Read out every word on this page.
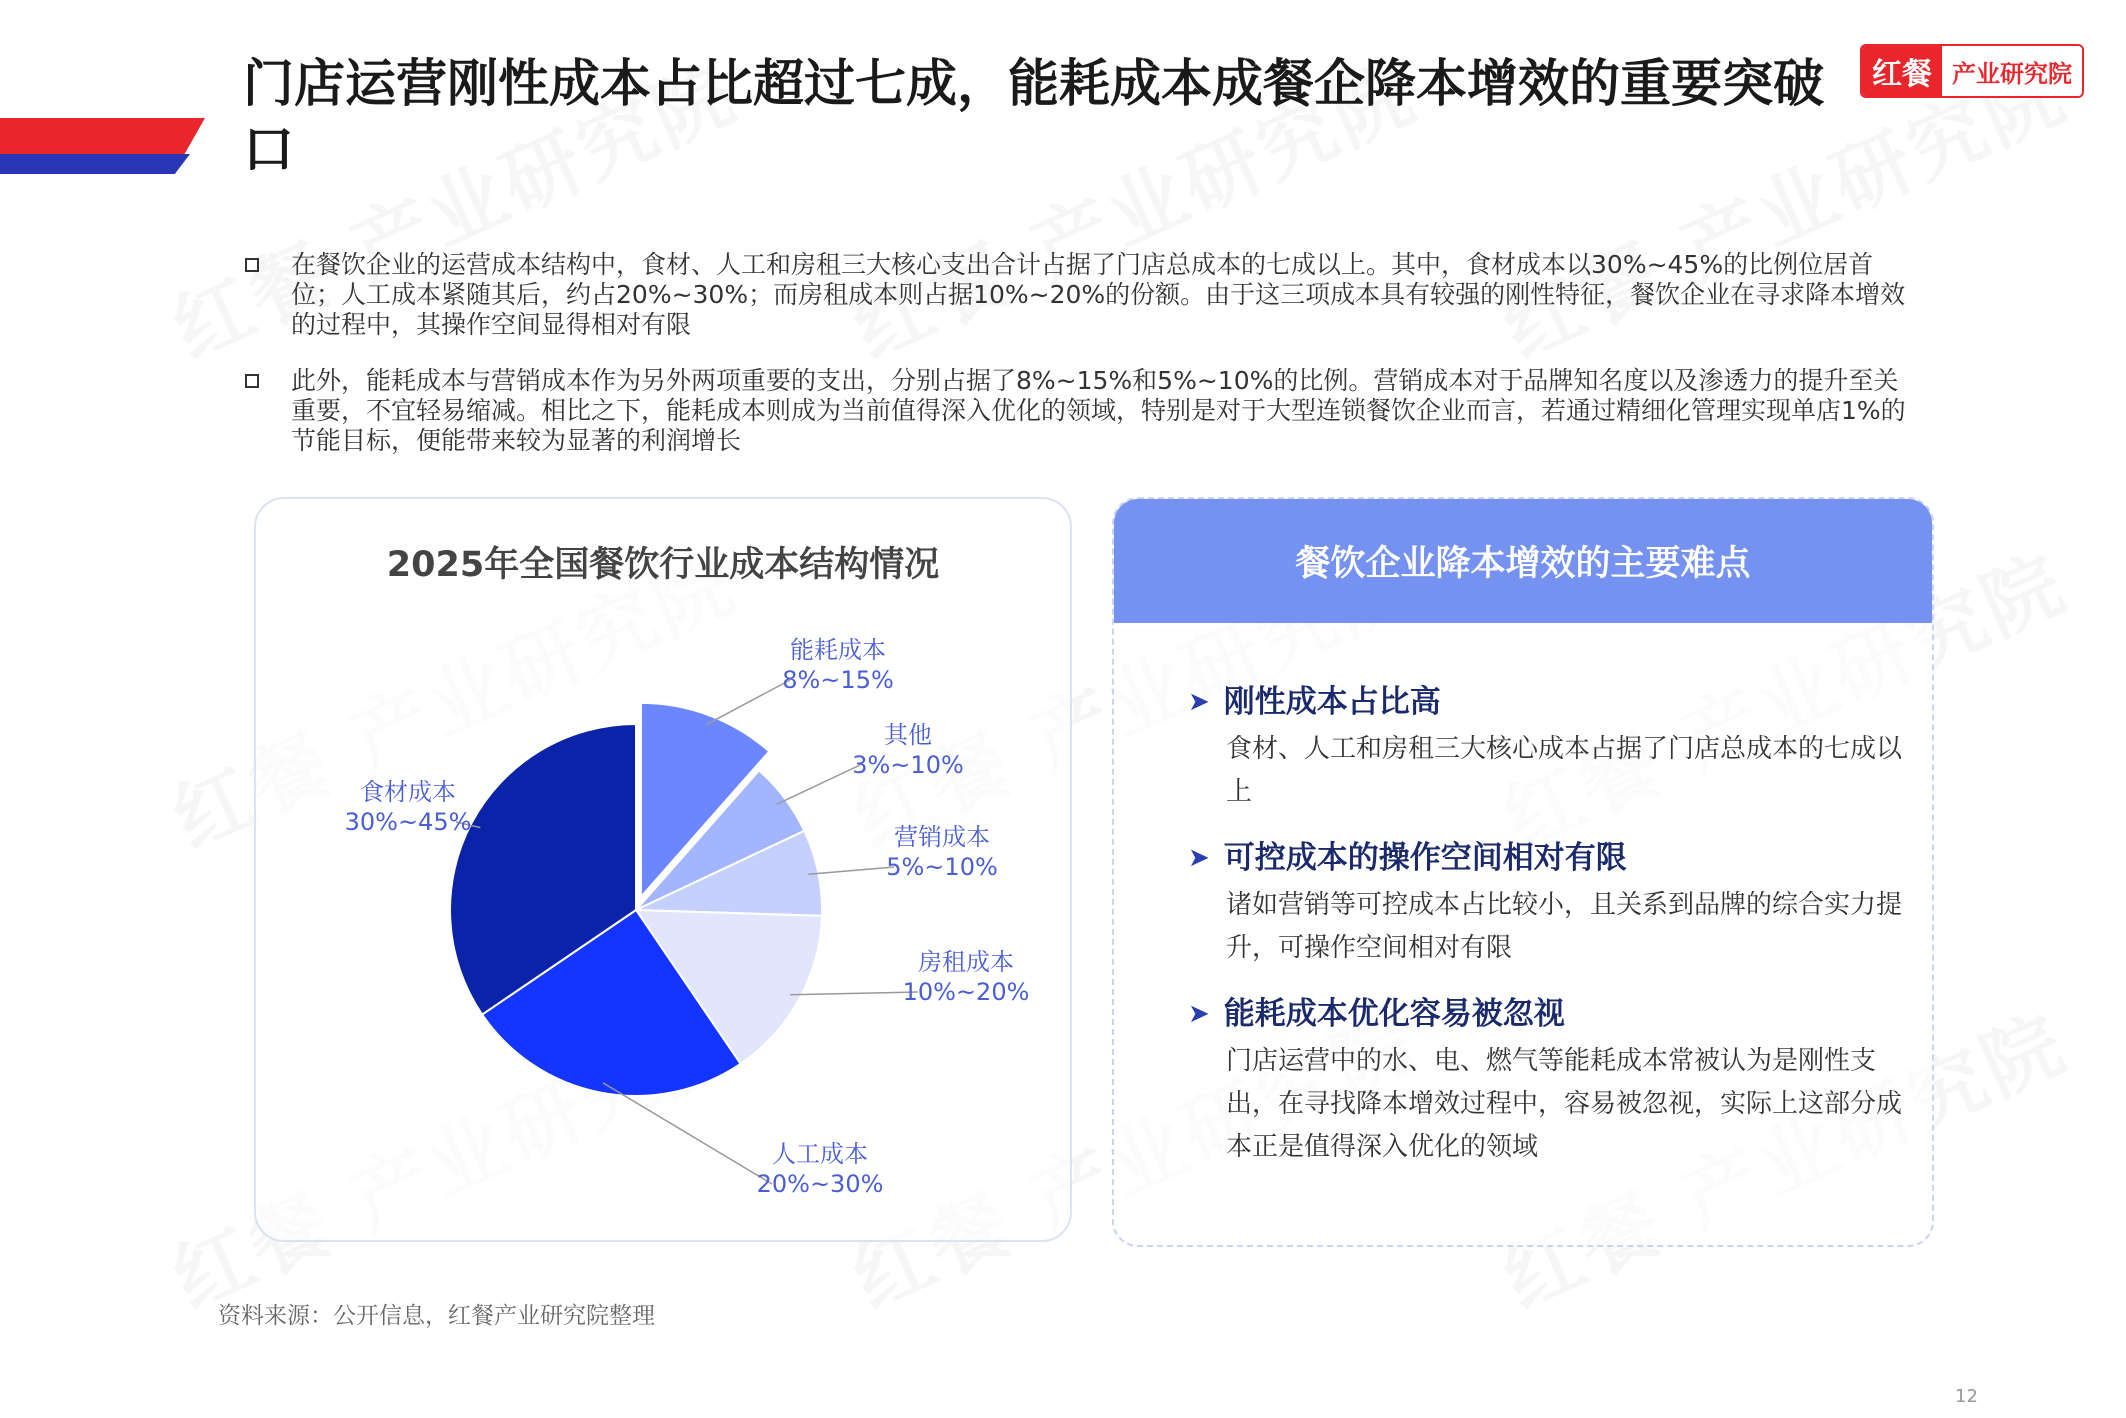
门店运营刚性成本占比超过七成，能耗成本成餐企降本增效的重要突破口
红餐 产业研究院
在餐饮企业的运营成本结构中，食材、人工和房租三大核心支出合计占据了门店总成本的七成以上。其中，食材成本以30%~45%的比例位居首位；人工成本紧随其后，约占20%~30%；而房租成本则占据10%~20%的份额。由于这三项成本具有较强的刚性特征，餐饮企业在寻求降本增效的过程中，其操作空间显得相对有限
此外，能耗成本与营销成本作为另外两项重要的支出，分别占据了8%~15%和5%~10%的比例。营销成本对于品牌知名度以及渗透力的提升至关重要，不宜轻易缩减。相比之下，能耗成本则成为当前值得深入优化的领域，特别是对于大型连锁餐饮企业而言，若通过精细化管理实现单店1%的节能目标，便能带来较为显著的利润增长
2025年全国餐饮行业成本结构情况
能耗成本
8%~15%
其他
3%~10%
营销成本
5%~10%
房租成本
10%~20%
人工成本
20%~30%
食材成本
30%~45%
餐饮企业降本增效的主要难点
➤ 刚性成本占比高
食材、人工和房租三大核心成本占据了门店总成本的七成以上
➤ 可控成本的操作空间相对有限
诸如营销等可控成本占比较小，且关系到品牌的综合实力提升，可操作空间相对有限
➤ 能耗成本优化容易被忽视
门店运营中的水、电、燃气等能耗成本常被认为是刚性支出，在寻找降本增效过程中，容易被忽视，实际上这部分成本正是值得深入优化的领域
资料来源：公开信息，红餐产业研究院整理
12
